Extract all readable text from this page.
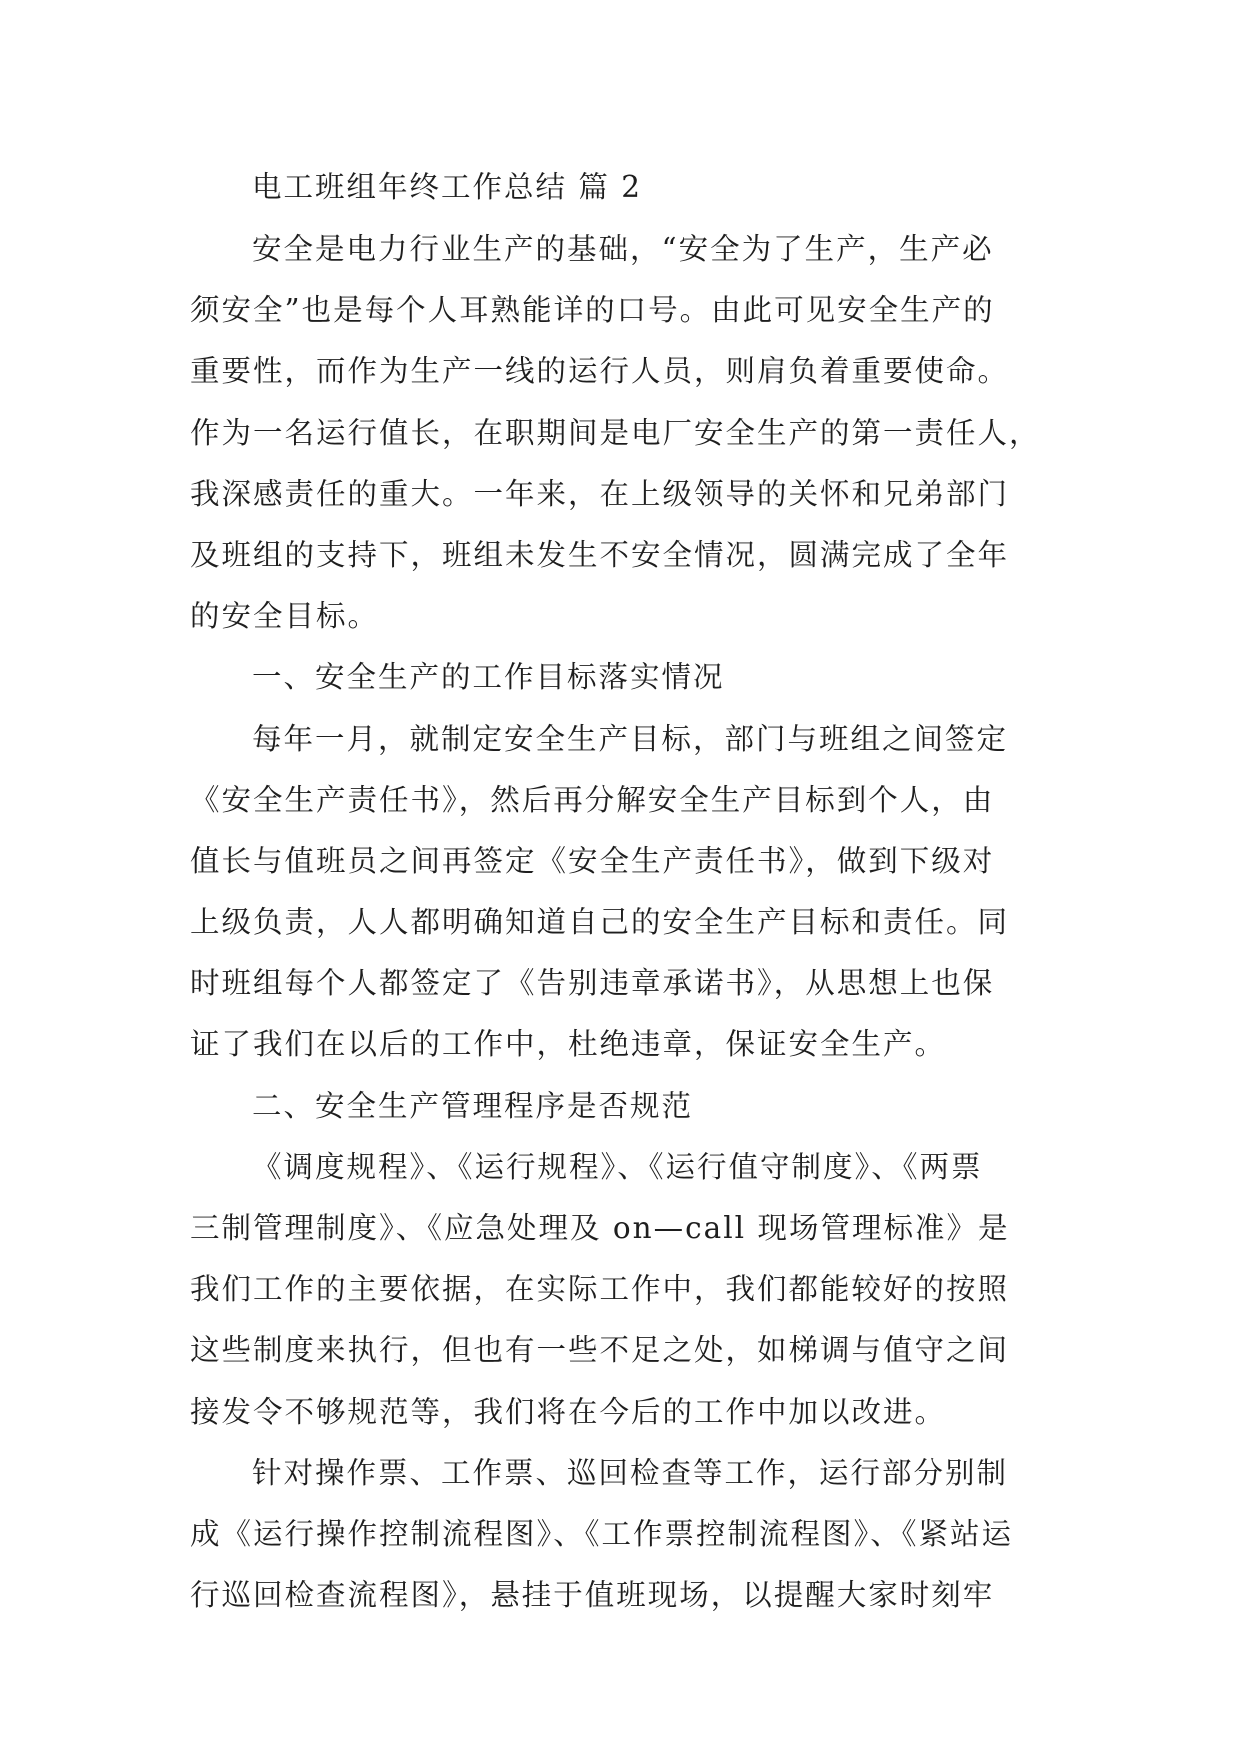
电工班组年终工作总结 篇 2
安全是电力行业生产的基础，“安全为了生产，生产必
须安全”也是每个人耳熟能详的口号。由此可见安全生产的
重要性，而作为生产一线的运行人员，则肩负着重要使命。
作为一名运行值长，在职期间是电厂安全生产的第一责任人，
我深感责任的重大。一年来，在上级领导的关怀和兄弟部门
及班组的支持下，班组未发生不安全情况，圆满完成了全年
的安全目标。
一、安全生产的工作目标落实情况
每年一月，就制定安全生产目标，部门与班组之间签定
《安全生产责任书》，然后再分解安全生产目标到个人，由
值长与值班员之间再签定《安全生产责任书》，做到下级对
上级负责，人人都明确知道自己的安全生产目标和责任。同
时班组每个人都签定了《告别违章承诺书》，从思想上也保
证了我们在以后的工作中，杜绝违章，保证安全生产。
二、安全生产管理程序是否规范
《调度规程》、《运行规程》、《运行值守制度》、《两票
三制管理制度》、《应急处理及 on—call 现场管理标准》是
我们工作的主要依据，在实际工作中，我们都能较好的按照
这些制度来执行，但也有一些不足之处，如梯调与值守之间
接发令不够规范等，我们将在今后的工作中加以改进。
针对操作票、工作票、巡回检查等工作，运行部分别制
成《运行操作控制流程图》、《工作票控制流程图》、《紧站运
行巡回检查流程图》，悬挂于值班现场，以提醒大家时刻牢
